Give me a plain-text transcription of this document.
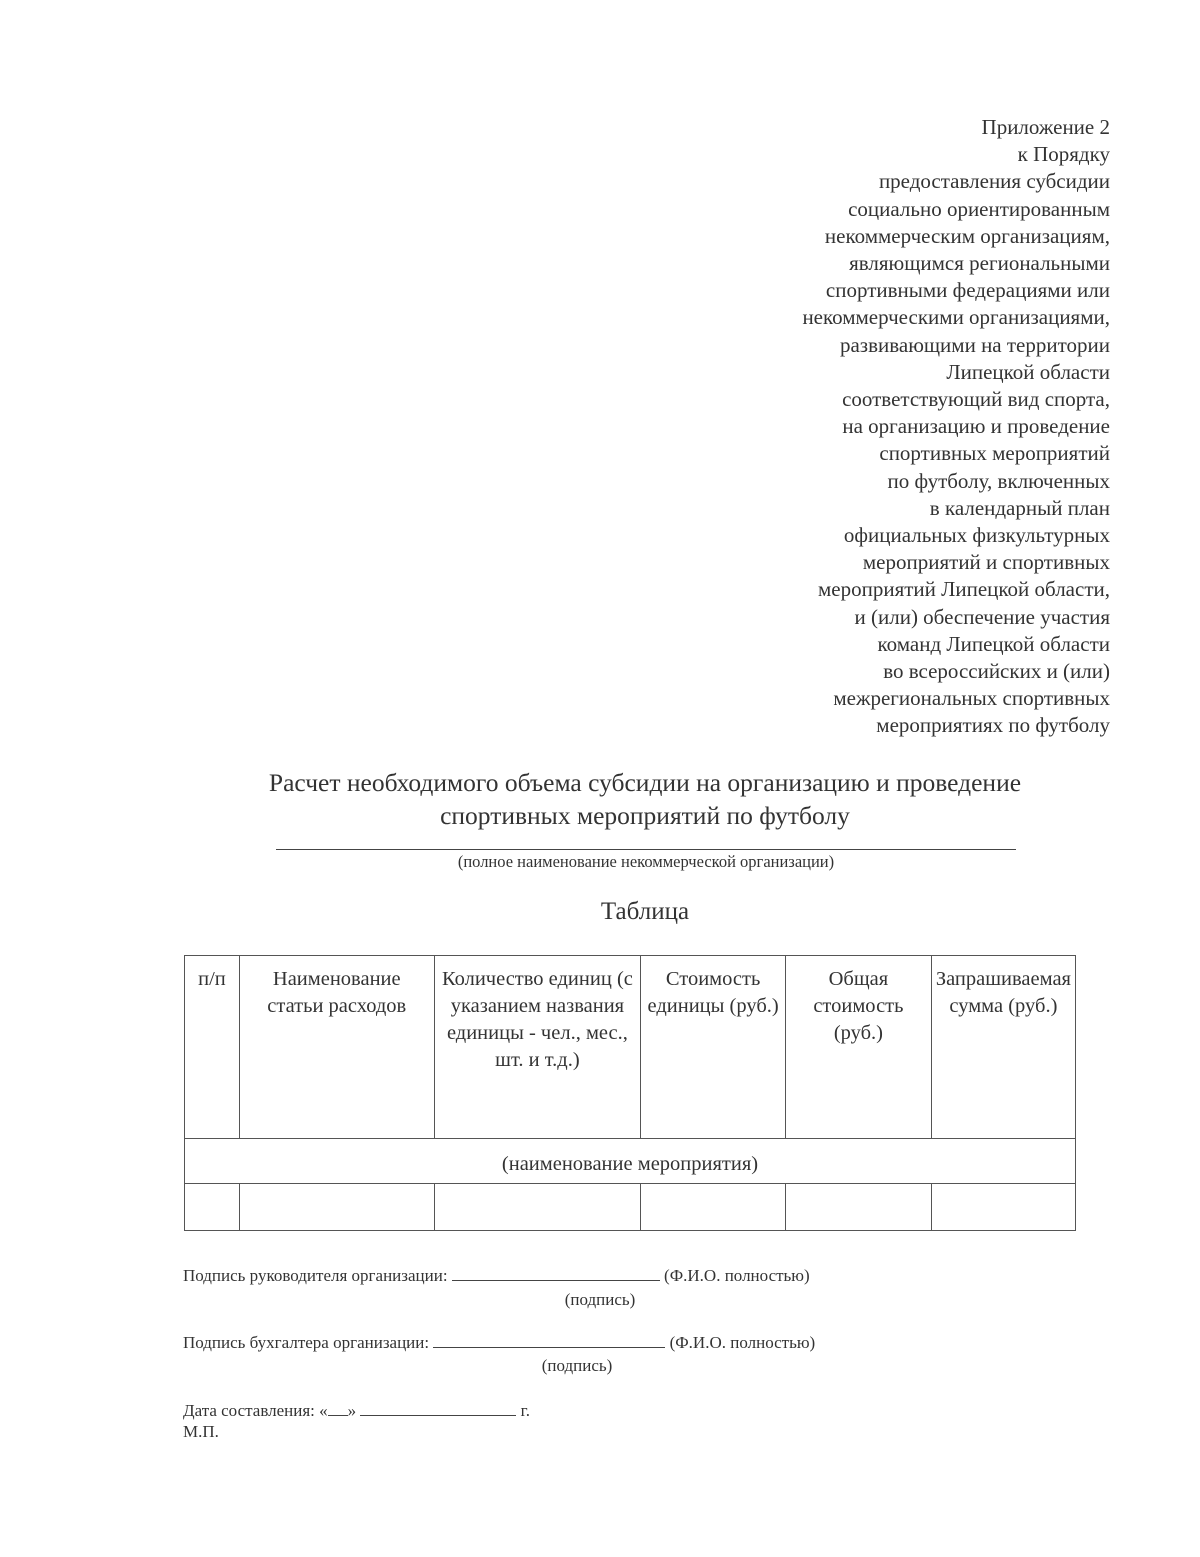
Приложение 2
к Порядку
предоставления субсидии
социально ориентированным
некоммерческим организациям,
являющимся региональными
спортивными федерациями или
некоммерческими организациями,
развивающими на территории
Липецкой области
соответствующий вид спорта,
на организацию и проведение
спортивных мероприятий
по футболу, включенных
в календарный план
официальных физкультурных
мероприятий и спортивных
мероприятий Липецкой области,
и (или) обеспечение участия
команд Липецкой области
во всероссийских и (или)
межрегиональных спортивных
мероприятиях по футболу
Расчет необходимого объема субсидии на организацию и проведение
спортивных мероприятий по футболу
(полное наименование некоммерческой организации)
Таблица
п/п	Наименование статьи расходов	Количество единиц (с указанием названия единицы - чел., мес., шт. и т.д.)	Стоимость единицы (руб.)	Общая стоимость (руб.)	Запрашиваемая сумма (руб.)
(наименование мероприятия)					

Подпись руководителя организации:	(Ф.И.О. полностью)
(подпись)
Подпись бухгалтера организации:	(Ф.И.О. полностью)
(подпись)
Дата составления: « »	г.
М.П.
